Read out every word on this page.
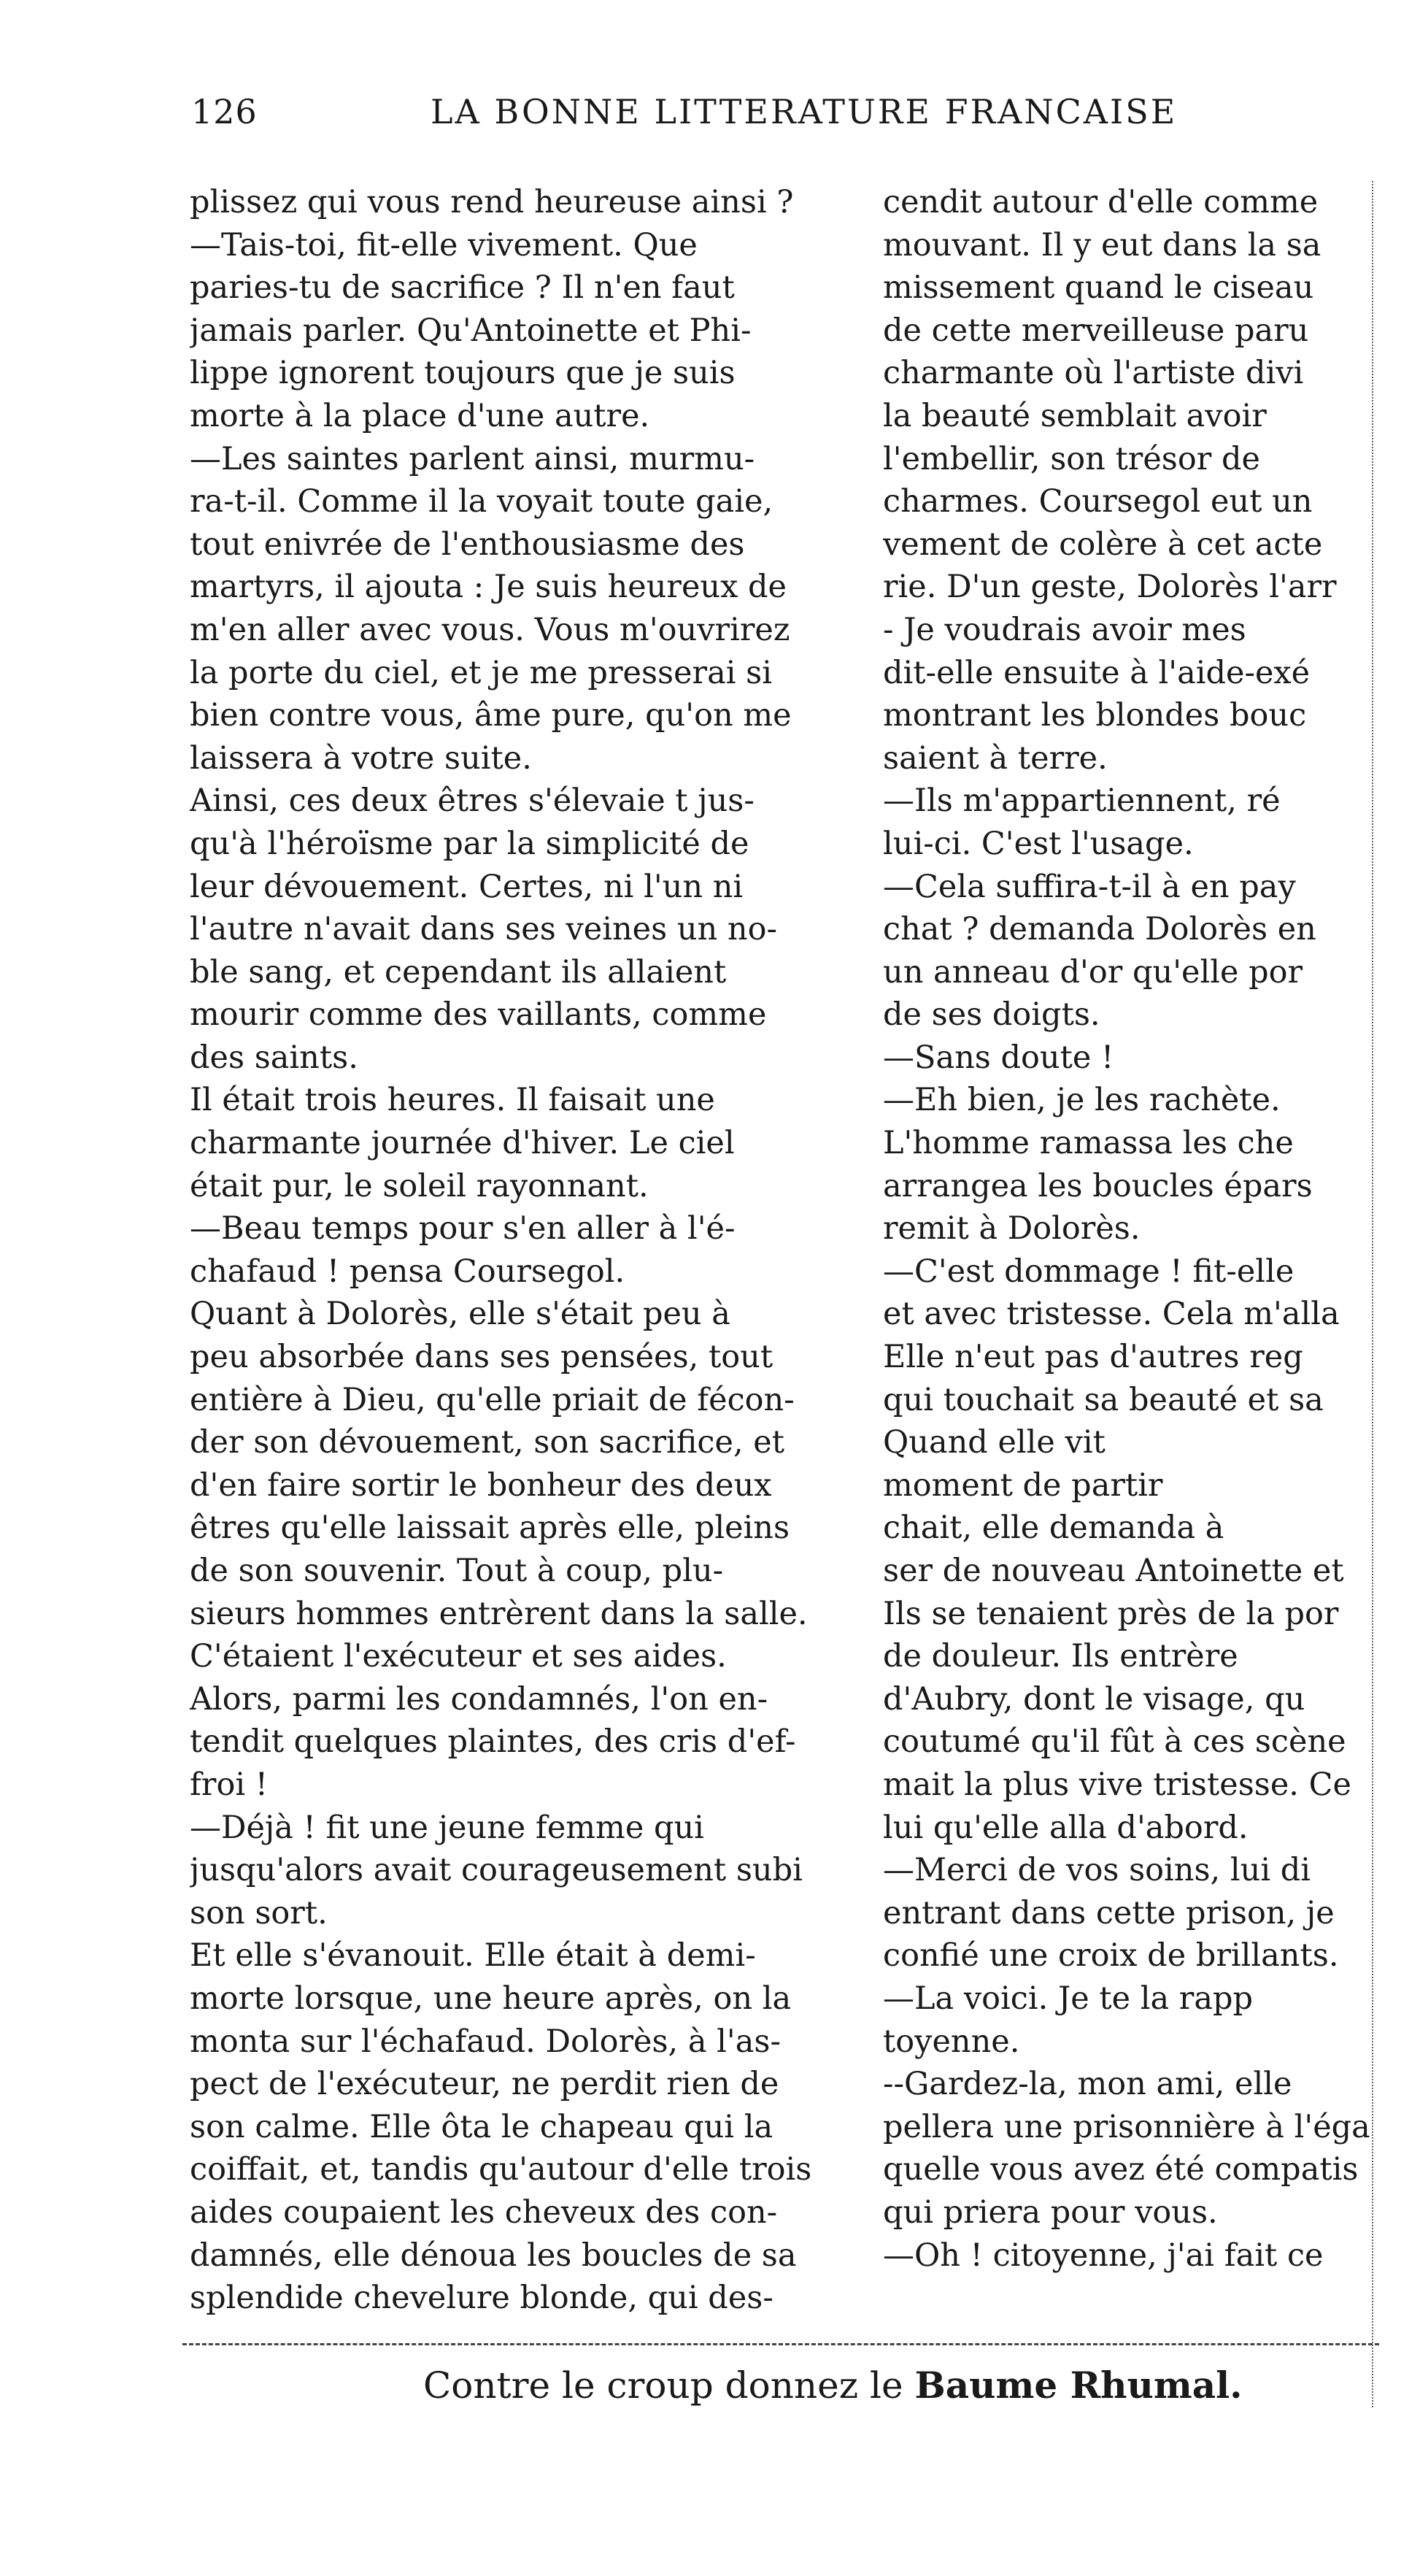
126	LA BONNE LITTERATURE FRANCAISE

plissez qui vous rend heureuse ainsi ?

—Tais-toi, fit-elle vivement. Que

paries-tu de sacrifice ? Il n'en faut

jamais parler. Qu'Antoinette et Phi-

lippe ignorent toujours que je suis

morte à la place d'une autre.

—Les saintes parlent ainsi, murmu-

ra-t-il. Comme il la voyait toute gaie,

tout enivrée de l'enthousiasme des

martyrs, il ajouta : Je suis heureux de

m'en aller avec vous. Vous m'ouvrirez

la porte du ciel, et je me presserai si

bien contre vous, âme pure, qu'on me

laissera à votre suite.

Ainsi, ces deux êtres s'élevaie t jus-

qu'à l'héroïsme par la simplicité de

leur dévouement. Certes, ni l'un ni

l'autre n'avait dans ses veines un no-

ble sang, et cependant ils allaient

mourir comme des vaillants, comme

des saints.

Il était trois heures. Il faisait une

charmante journée d'hiver. Le ciel

était pur, le soleil rayonnant.

—Beau temps pour s'en aller à l'é-

chafaud ! pensa Coursegol.

Quant à Dolorès, elle s'était peu à

peu absorbée dans ses pensées, tout

entière à Dieu, qu'elle priait de fécon-

der son dévouement, son sacrifice, et

d'en faire sortir le bonheur des deux

êtres qu'elle laissait après elle, pleins

de son souvenir. Tout à coup, plu-

sieurs hommes entrèrent dans la salle.

C'étaient l'exécuteur et ses aides.

Alors, parmi les condamnés, l'on en-

tendit quelques plaintes, des cris d'ef-

froi !

—Déjà ! fit une jeune femme qui

jusqu'alors avait courageusement subi

son sort.

Et elle s'évanouit. Elle était à demi-

morte lorsque, une heure après, on la

monta sur l'échafaud. Dolorès, à l'as-

pect de l'exécuteur, ne perdit rien de

son calme. Elle ôta le chapeau qui la

coiffait, et, tandis qu'autour d'elle trois

aides coupaient les cheveux des con-

damnés, elle dénoua les boucles de sa

splendide chevelure blonde, qui des-

cendit autour d'elle comme

mouvant. Il y eut dans la sa

missement quand le ciseau

de cette merveilleuse paru

charmante où l'artiste divi

la beauté semblait avoir

l'embellir, son trésor de

charmes. Coursegol eut un

vement de colère à cet acte

rie. D'un geste, Dolorès l'arr

- Je voudrais avoir mes

dit-elle ensuite à l'aide-exé

montrant les blondes bouc

saient à terre.

—Ils m'appartiennent, ré

lui-ci. C'est l'usage.

—Cela suffira-t-il à en pay

chat ? demanda Dolorès en

un anneau d'or qu'elle por

de ses doigts.

—Sans doute !

—Eh bien, je les rachète.

L'homme ramassa les che

arrangea les boucles épars

remit à Dolorès.

—C'est dommage ! fit-elle

et avec tristesse. Cela m'alla

Elle n'eut pas d'autres reg

qui touchait sa beauté et sa

Quand elle vit

moment de partir

chait, elle demanda à

ser de nouveau Antoinette et

Ils se tenaient près de la por

de douleur. Ils entrère

d'Aubry, dont le visage, qu

coutumé qu'il fût à ces scène

mait la plus vive tristesse. Ce

lui qu'elle alla d'abord.

—Merci de vos soins, lui di

entrant dans cette prison, je

confié une croix de brillants.

—La voici. Je te la rapp

toyenne.

--Gardez-la, mon ami, elle

pellera une prisonnière à l'éga

quelle vous avez été compatis

qui priera pour vous.

—Oh ! citoyenne, j'ai fait ce

Contre le croup donnez le Baume Rhumal.
